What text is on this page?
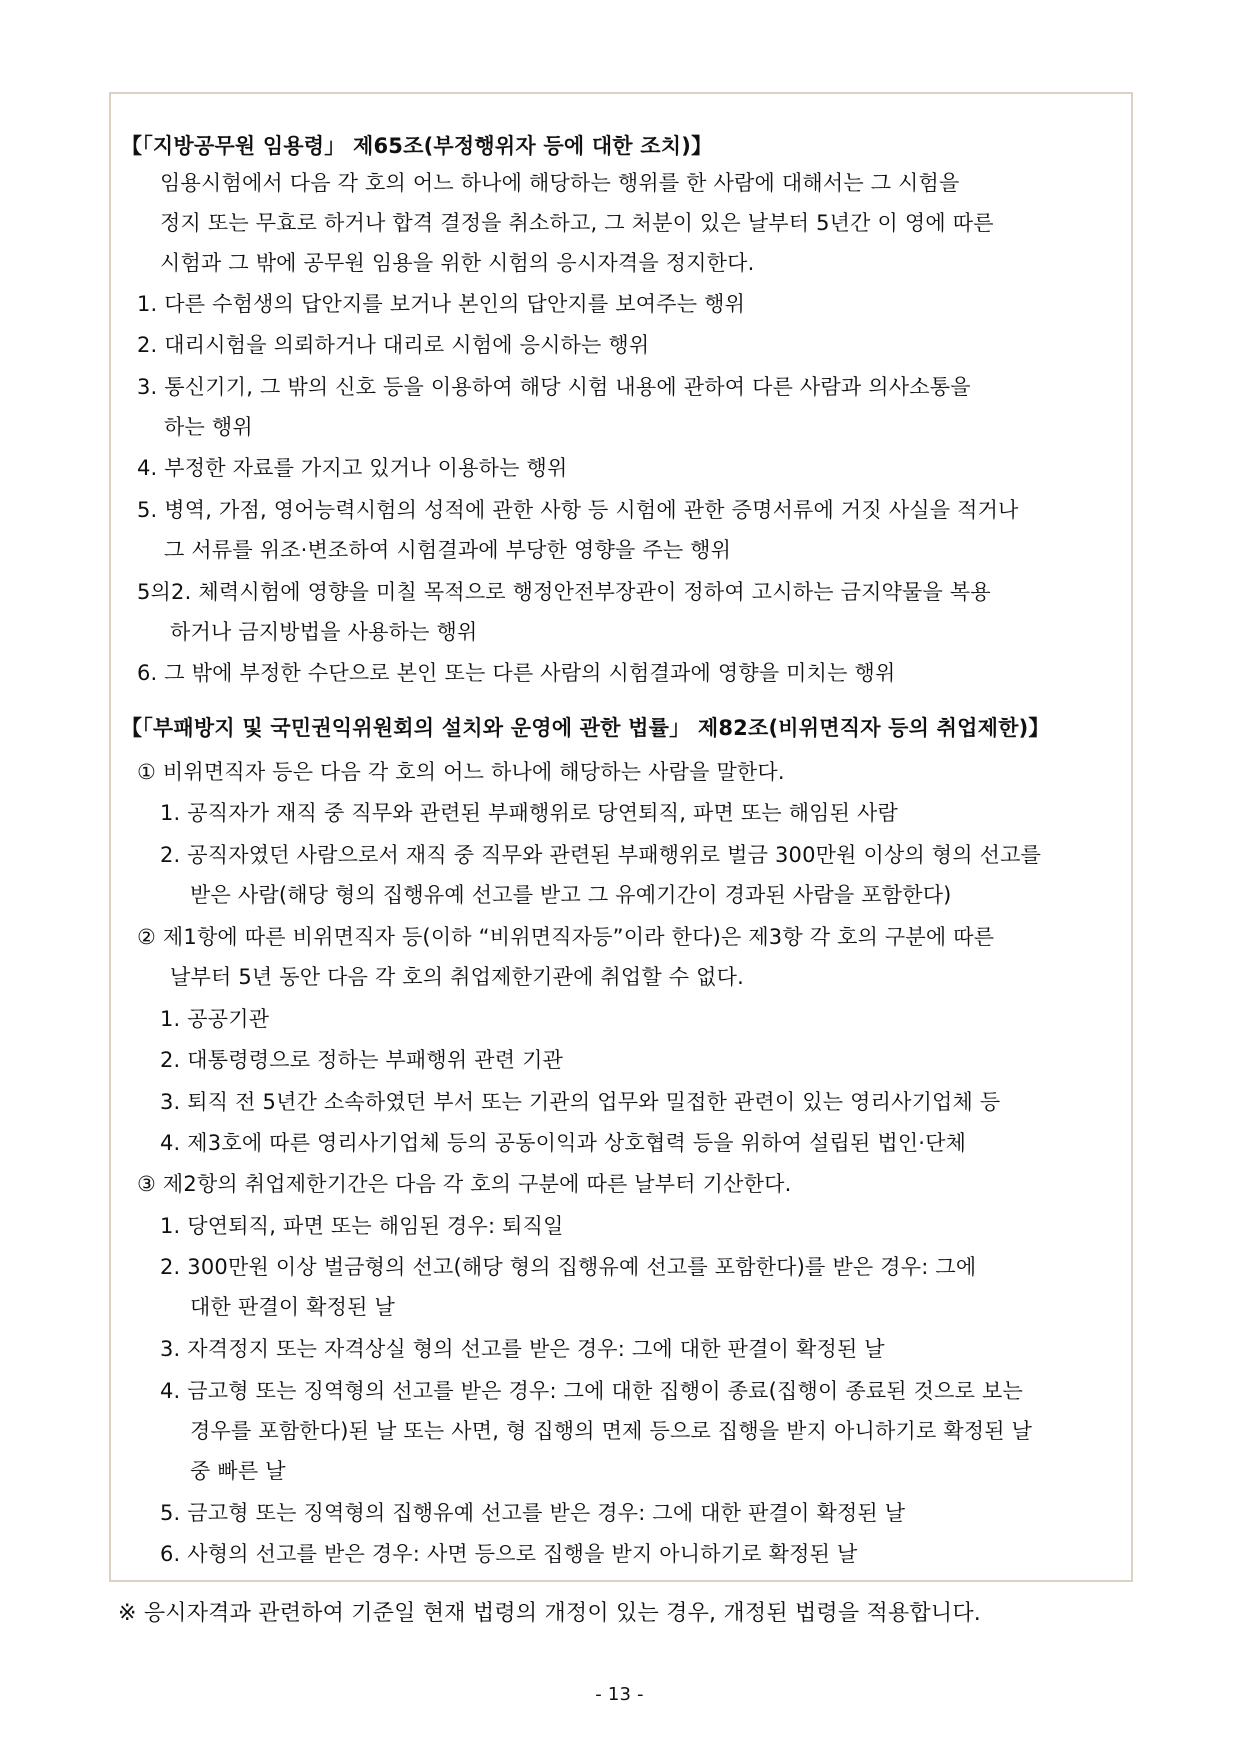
【「지방공무원 임용령」 제65조(부정행위자 등에 대한 조치)】
임용시험에서 다음 각 호의 어느 하나에 해당하는 행위를 한 사람에 대해서는 그 시험을
정지 또는 무효로 하거나 합격 결정을 취소하고, 그 처분이 있은 날부터 5년간 이 영에 따른
시험과 그 밖에 공무원 임용을 위한 시험의 응시자격을 정지한다.
1. 다른 수험생의 답안지를 보거나 본인의 답안지를 보여주는 행위
2. 대리시험을 의뢰하거나 대리로 시험에 응시하는 행위
3. 통신기기, 그 밖의 신호 등을 이용하여 해당 시험 내용에 관하여 다른 사람과 의사소통을
하는 행위
4. 부정한 자료를 가지고 있거나 이용하는 행위
5. 병역, 가점, 영어능력시험의 성적에 관한 사항 등 시험에 관한 증명서류에 거짓 사실을 적거나
그 서류를 위조·변조하여 시험결과에 부당한 영향을 주는 행위
5의2. 체력시험에 영향을 미칠 목적으로 행정안전부장관이 정하여 고시하는 금지약물을 복용
하거나 금지방법을 사용하는 행위
6. 그 밖에 부정한 수단으로 본인 또는 다른 사람의 시험결과에 영향을 미치는 행위
【「부패방지 및 국민권익위원회의 설치와 운영에 관한 법률」 제82조(비위면직자 등의 취업제한)】
① 비위면직자 등은 다음 각 호의 어느 하나에 해당하는 사람을 말한다.
1. 공직자가 재직 중 직무와 관련된 부패행위로 당연퇴직, 파면 또는 해임된 사람
2. 공직자였던 사람으로서 재직 중 직무와 관련된 부패행위로 벌금 300만원 이상의 형의 선고를
받은 사람(해당 형의 집행유예 선고를 받고 그 유예기간이 경과된 사람을 포함한다)
② 제1항에 따른 비위면직자 등(이하 “비위면직자등”이라 한다)은 제3항 각 호의 구분에 따른
날부터 5년 동안 다음 각 호의 취업제한기관에 취업할 수 없다.
1. 공공기관
2. 대통령령으로 정하는 부패행위 관련 기관
3. 퇴직 전 5년간 소속하였던 부서 또는 기관의 업무와 밀접한 관련이 있는 영리사기업체 등
4. 제3호에 따른 영리사기업체 등의 공동이익과 상호협력 등을 위하여 설립된 법인·단체
③ 제2항의 취업제한기간은 다음 각 호의 구분에 따른 날부터 기산한다.
1. 당연퇴직, 파면 또는 해임된 경우: 퇴직일
2. 300만원 이상 벌금형의 선고(해당 형의 집행유예 선고를 포함한다)를 받은 경우: 그에
대한 판결이 확정된 날
3. 자격정지 또는 자격상실 형의 선고를 받은 경우: 그에 대한 판결이 확정된 날
4. 금고형 또는 징역형의 선고를 받은 경우: 그에 대한 집행이 종료(집행이 종료된 것으로 보는
경우를 포함한다)된 날 또는 사면, 형 집행의 면제 등으로 집행을 받지 아니하기로 확정된 날
중 빠른 날
5. 금고형 또는 징역형의 집행유예 선고를 받은 경우: 그에 대한 판결이 확정된 날
6. 사형의 선고를 받은 경우: 사면 등으로 집행을 받지 아니하기로 확정된 날
※ 응시자격과 관련하여 기준일 현재 법령의 개정이 있는 경우, 개정된 법령을 적용합니다.
- 13 -
